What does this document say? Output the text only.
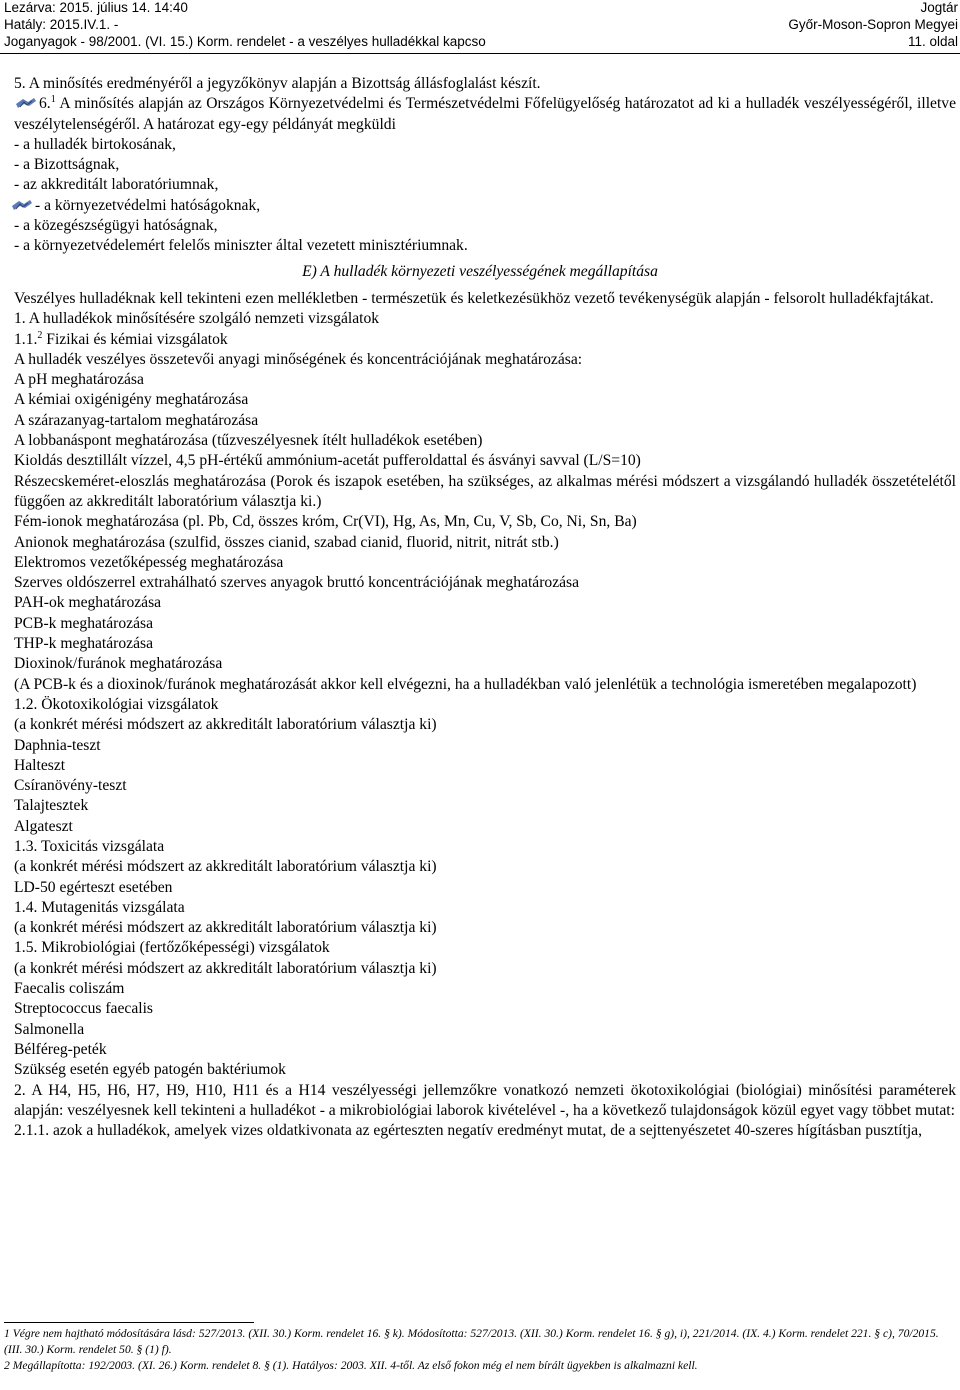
Lezárva: 2015. július 14. 14:40
Hatály: 2015.IV.1. -
Joganyagok - 98/2001. (VI. 15.) Korm. rendelet - a veszélyes hulladékkal kapcso
Jogtár
Győr-Moson-Sopron Megyei
11. oldal

5. A minősítés eredményéről a jegyzőkönyv alapján a Bizottság állásfoglalást készít.

6.$^1$ A minősítés alapján az Országos Környezetvédelmi és Természetvédelmi Főfelügyelőség határozatot ad ki a hulladék veszélyességéről, illetve veszélytelenségéről. A határozat egy-egy példányát megküldi

- a hulladék birtokosának,

- a Bizottságnak,

- az akkreditált laboratóriumnak,

- a környezetvédelmi hatóságoknak,

- a közegészségügyi hatóságnak,

- a környezetvédelemért felelős miniszter által vezetett minisztériumnak.

E) A hulladék környezeti veszélyességének megállapítása

Veszélyes hulladéknak kell tekinteni ezen mellékletben - természetük és keletkezésükhöz vezető tevékenységük alapján - felsorolt hulladékfajtákat.

1. A hulladékok minősítésére szolgáló nemzeti vizsgálatok

1.1.$^2$ Fizikai és kémiai vizsgálatok

A hulladék veszélyes összetevői anyagi minőségének és koncentrációjának meghatározása:

A pH meghatározása

A kémiai oxigénigény meghatározása

A szárazanyag-tartalom meghatározása

A lobbanáspont meghatározása (tűzveszélyesnek ítélt hulladékok esetében)

Kioldás desztillált vízzel, 4,5 pH-értékű ammónium-acetát pufferoldattal és ásványi savval (L/S=10)

Részecskeméret-eloszlás meghatározása (Porok és iszapok esetében, ha szükséges, az alkalmas mérési módszert a vizsgálandó hulladék összetételétől függően az akkreditált laboratórium választja ki.)

Fém-ionok meghatározása (pl. Pb, Cd, összes króm, Cr(VI), Hg, As, Mn, Cu, V, Sb, Co, Ni, Sn, Ba)

Anionok meghatározása (szulfid, összes cianid, szabad cianid, fluorid, nitrit, nitrát stb.)

Elektromos vezetőképesség meghatározása

Szerves oldószerrel extrahálható szerves anyagok bruttó koncentrációjának meghatározása

PAH-ok meghatározása

PCB-k meghatározása

THP-k meghatározása

Dioxinok/furánok meghatározása

(A PCB-k és a dioxinok/furánok meghatározását akkor kell elvégezni, ha a hulladékban való jelenlétük a technológia ismeretében megalapozott)

1.2. Ökotoxikológiai vizsgálatok

(a konkrét mérési módszert az akkreditált laboratórium választja ki)

Daphnia-teszt

Halteszt

Csíranövény-teszt

Talajtesztek

Algateszt

1.3. Toxicitás vizsgálata

(a konkrét mérési módszert az akkreditált laboratórium választja ki)

LD-50 egérteszt esetében

1.4. Mutagenitás vizsgálata

(a konkrét mérési módszert az akkreditált laboratórium választja ki)

1.5. Mikrobiológiai (fertőzőképességi) vizsgálatok

(a konkrét mérési módszert az akkreditált laboratórium választja ki)

Faecalis coliszám

Streptococcus faecalis

Salmonella

Bélféreg-peték

Szükség esetén egyéb patogén baktériumok

2. A H4, H5, H6, H7, H9, H10, H11 és a H14 veszélyességi jellemzőkre vonatkozó nemzeti ökotoxikológiai (biológiai) minősítési paraméterek alapján: veszélyesnek kell tekinteni a hulladékot - a mikrobiológiai laborok kivételével -, ha a következő tulajdonságok közül egyet vagy többet mutat:

2.1.1. azok a hulladékok, amelyek vizes oldatkivonata az egérteszten negatív eredményt mutat, de a sejttenyészetet 40-szeres hígításban pusztítja,

1 Végre nem hajtható módosítására lásd: 527/2013. (XII. 30.) Korm. rendelet 16. § k). Módosította: 527/2013. (XII. 30.) Korm. rendelet 16. § g), i), 221/2014. (IX. 4.) Korm. rendelet 221. § c), 70/2015.(III. 30.) Korm. rendelet 50. § (1) f).

2 Megállapította: 192/2003. (XI. 26.) Korm. rendelet 8. § (1). Hatályos: 2003. XII. 4-től. Az első fokon még el nem bírált ügyekben is alkalmazni kell.
